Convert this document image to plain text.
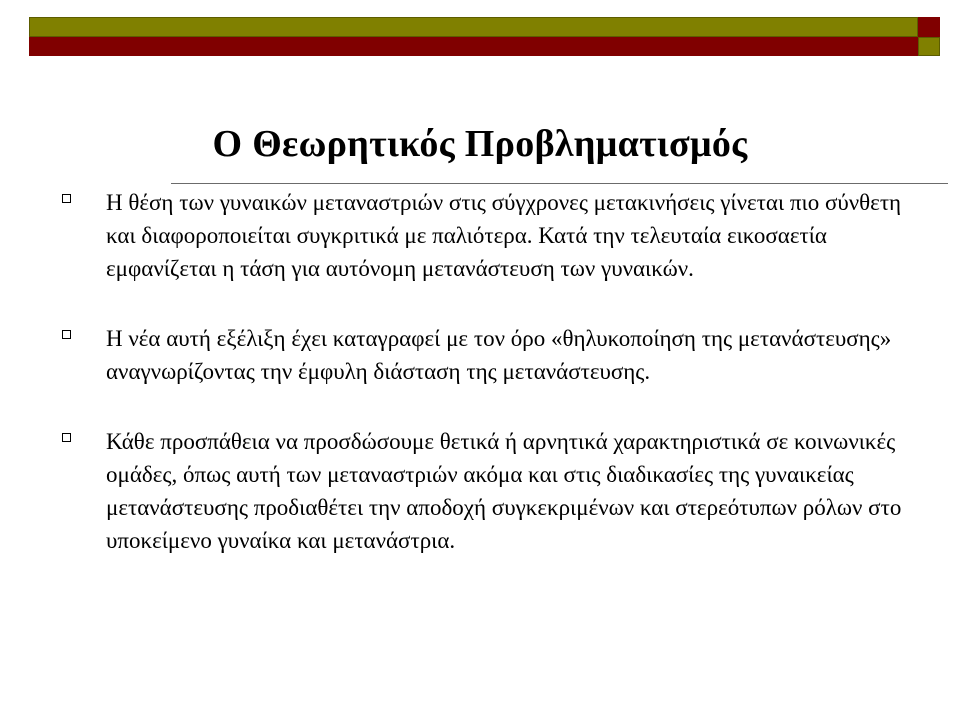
Ο Θεωρητικός Προβληματισμός
Η θέση των γυναικών μεταναστριών στις σύγχρονες μετακινήσεις γίνεται πιο σύνθετη και διαφοροποιείται συγκριτικά με παλιότερα. Κατά την τελευταία εικοσαετία εμφανίζεται η τάση για αυτόνομη μετανάστευση των γυναικών.
Η νέα αυτή εξέλιξη έχει καταγραφεί με τον όρο «θηλυκοποίηση της μετανάστευσης» αναγνωρίζοντας την έμφυλη διάσταση της μετανάστευσης.
Κάθε προσπάθεια να προσδώσουμε θετικά ή αρνητικά χαρακτηριστικά σε κοινωνικές ομάδες, όπως αυτή των μεταναστριών ακόμα και στις διαδικασίες της γυναικείας μετανάστευσης προδιαθέτει την αποδοχή συγκεκριμένων και στερεότυπων ρόλων στο υποκείμενο γυναίκα και μετανάστρια.
